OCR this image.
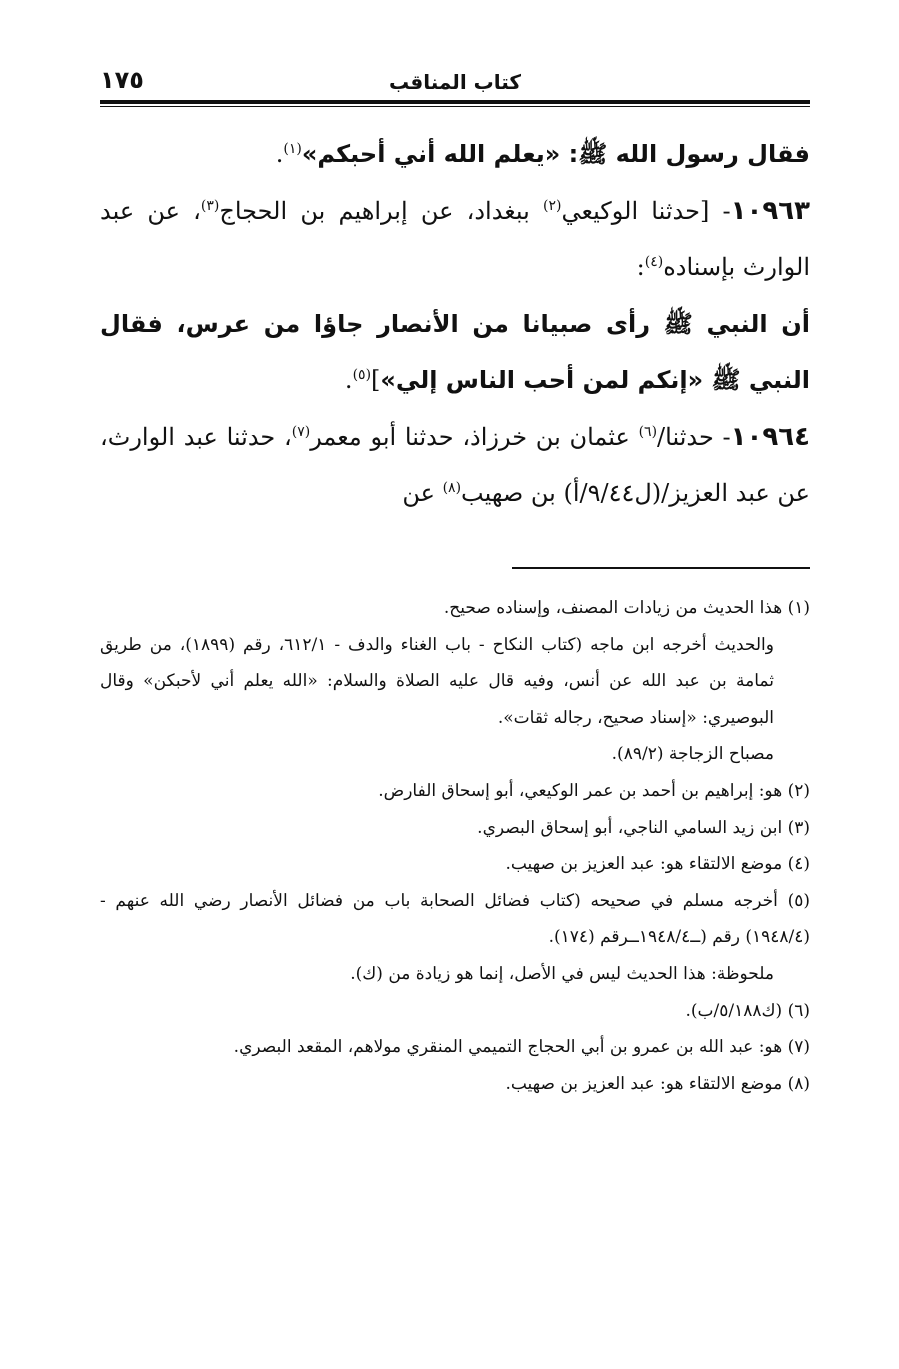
كتاب المناقب
١٧٥

فقال رسول الله ﷺ: «يعلم الله أني أحبكم»$^{(١)}$.

١٠٩٦٣- [حدثنا الوكيعي$^{(٢)}$ ببغداد، عن إبراهيم بن الحجاج$^{(٣)}$، عن عبد الوارث بإسناده$^{(٤)}$:

أن النبي ﷺ رأى صبيانا من الأنصار جاؤا من عرس، فقال النبي ﷺ «إنكم لمن أحب الناس إلي»]$^{(٥)}$.

١٠٩٦٤- حدثنا/$^{(٦)}$ عثمان بن خرزاذ، حدثنا أبو معمر$^{(٧)}$، حدثنا عبد الوارث، عن عبد العزيز/(ل٩/٤٤/أ) بن صهيب$^{(٨)}$ عن

(١) هذا الحديث من زيادات المصنف، وإسناده صحيح.

والحديث أخرجه ابن ماجه (كتاب النكاح - باب الغناء والدف - ٦١٢/١، رقم (١٨٩٩)، من طريق ثمامة بن عبد الله عن أنس، وفيه قال عليه الصلاة والسلام: «الله يعلم أني لأحبكن» وقال البوصيري: «إسناد صحيح، رجاله ثقات».

مصباح الزجاجة (٨٩/٢).

(٢) هو: إبراهيم بن أحمد بن عمر الوكيعي، أبو إسحاق الفارض.

(٣) ابن زيد السامي الناجي، أبو إسحاق البصري.

(٤) موضع الالتقاء هو: عبد العزيز بن صهيب.

(٥) أخرجه مسلم في صحيحه (كتاب فضائل الصحابة باب من فضائل الأنصار رضي الله عنهم - (١٩٤٨/٤) رقم (ــ١٩٤٨/٤ــرقم (١٧٤).

ملحوظة: هذا الحديث ليس في الأصل، إنما هو زيادة من (ك).

(٦) (ك٥/١٨٨/ب).

(٧) هو: عبد الله بن عمرو بن أبي الحجاج التميمي المنقري مولاهم، المقعد البصري.

(٨) موضع الالتقاء هو: عبد العزيز بن صهيب.
